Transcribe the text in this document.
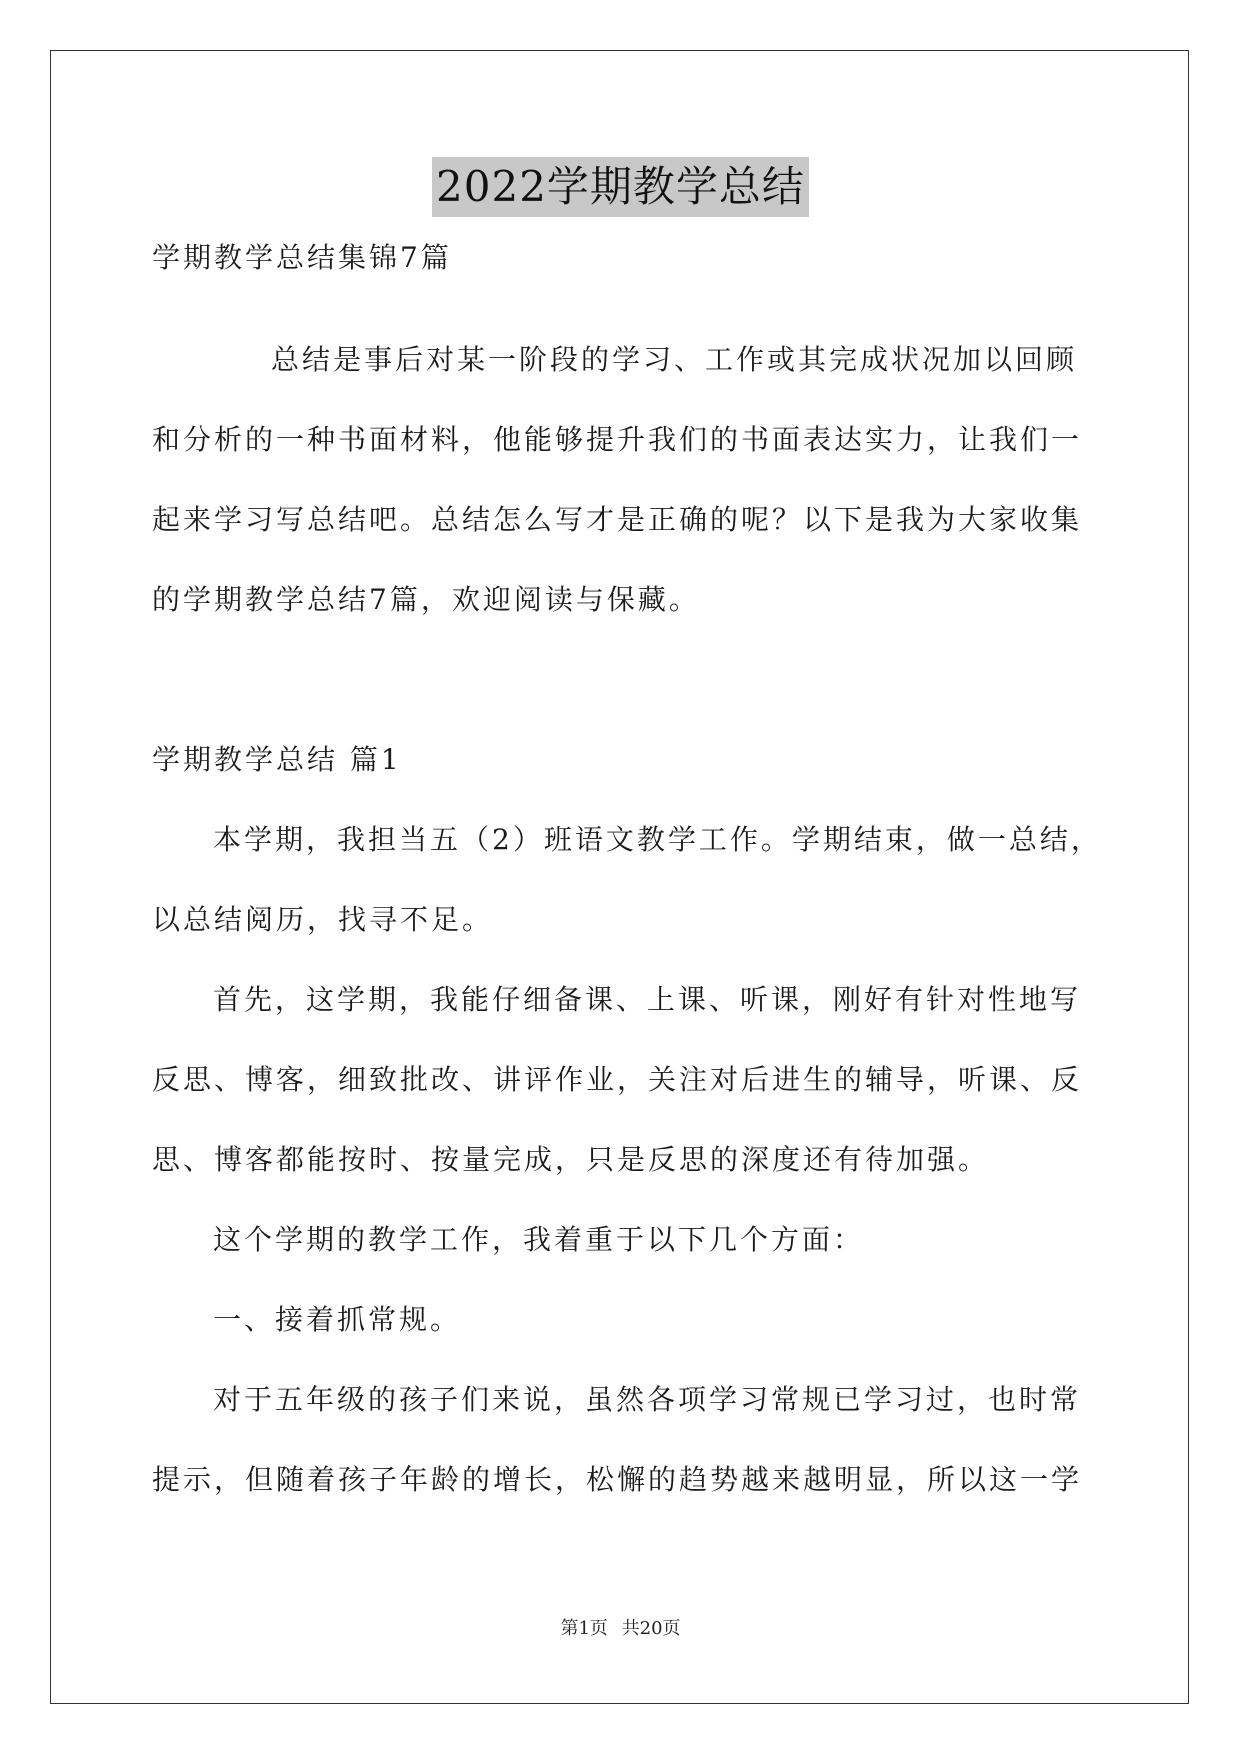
2022学期教学总结
学期教学总结集锦7篇
总结是事后对某一阶段的学习、工作或其完成状况加以回顾
和分析的一种书面材料，他能够提升我们的书面表达实力，让我们一
起来学习写总结吧。总结怎么写才是正确的呢？以下是我为大家收集
的学期教学总结7篇，欢迎阅读与保藏。
学期教学总结 篇1
本学期，我担当五（2）班语文教学工作。学期结束，做一总结，
以总结阅历，找寻不足。
首先，这学期，我能仔细备课、上课、听课，刚好有针对性地写
反思、博客，细致批改、讲评作业，关注对后进生的辅导，听课、反
思、博客都能按时、按量完成，只是反思的深度还有待加强。
这个学期的教学工作，我着重于以下几个方面：
一、接着抓常规。
对于五年级的孩子们来说，虽然各项学习常规已学习过，也时常
提示，但随着孩子年龄的增长，松懈的趋势越来越明显，所以这一学
第1页 共20页
